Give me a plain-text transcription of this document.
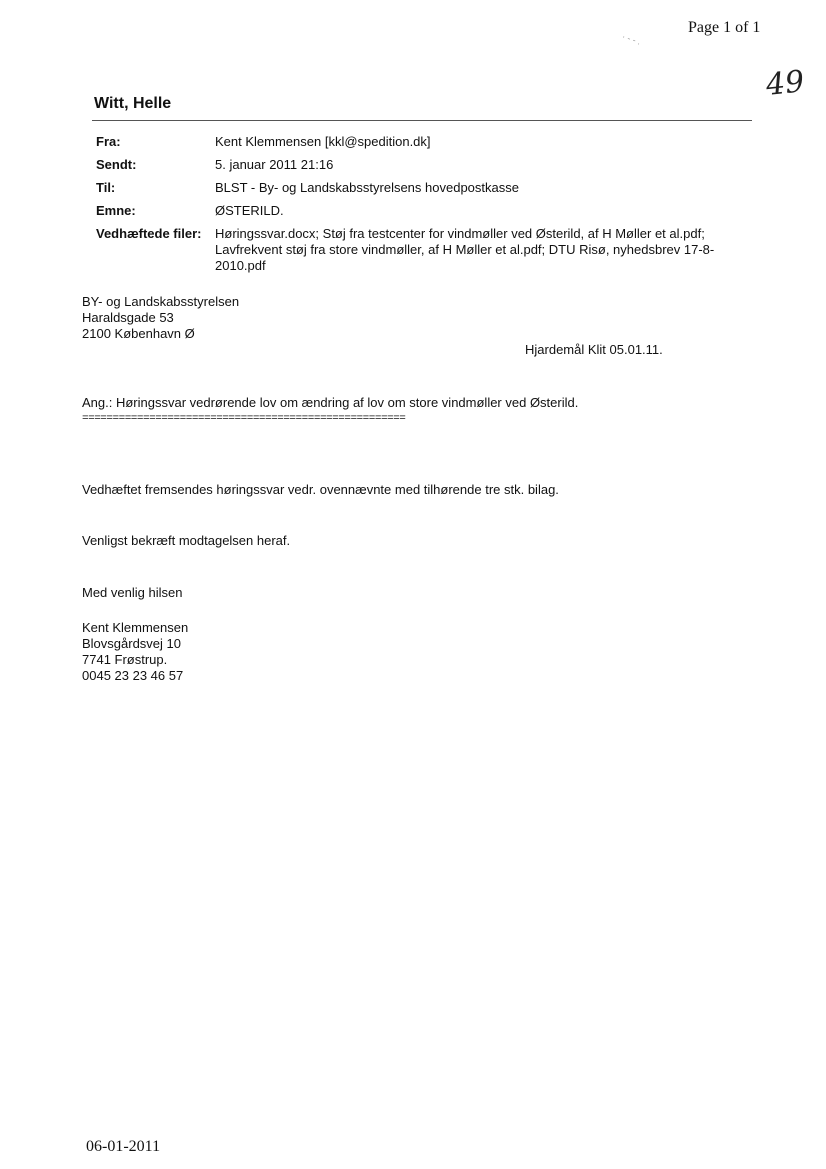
Page 1 of 1
· - - .
49
Witt, Helle
Fra:	Kent Klemmensen [kkl@spedition.dk]
Sendt:	5. januar 2011 21:16
Til:	BLST - By- og Landskabsstyrelsens hovedpostkasse
Emne:	ØSTERILD.
Vedhæftede filer: Høringssvar.docx; Støj fra testcenter for vindmøller ved Østerild, af H Møller et al.pdf; Lavfrekvent støj fra store vindmøller, af H Møller et al.pdf; DTU Risø, nyhedsbrev 17-8-2010.pdf
BY- og Landskabsstyrelsen
Haraldsgade 53
2100 København Ø
Hjardemål Klit 05.01.11.
Ang.: Høringssvar vedrørende lov om ændring af lov om store vindmøller ved Østerild.
=====================================================
Vedhæftet fremsendes høringssvar vedr. ovennævnte med tilhørende tre stk. bilag.
Venligst bekræft modtagelsen heraf.
Med venlig hilsen
Kent Klemmensen
Blovsgårdsvej 10
7741 Frøstrup.
0045 23 23 46 57
06-01-2011
